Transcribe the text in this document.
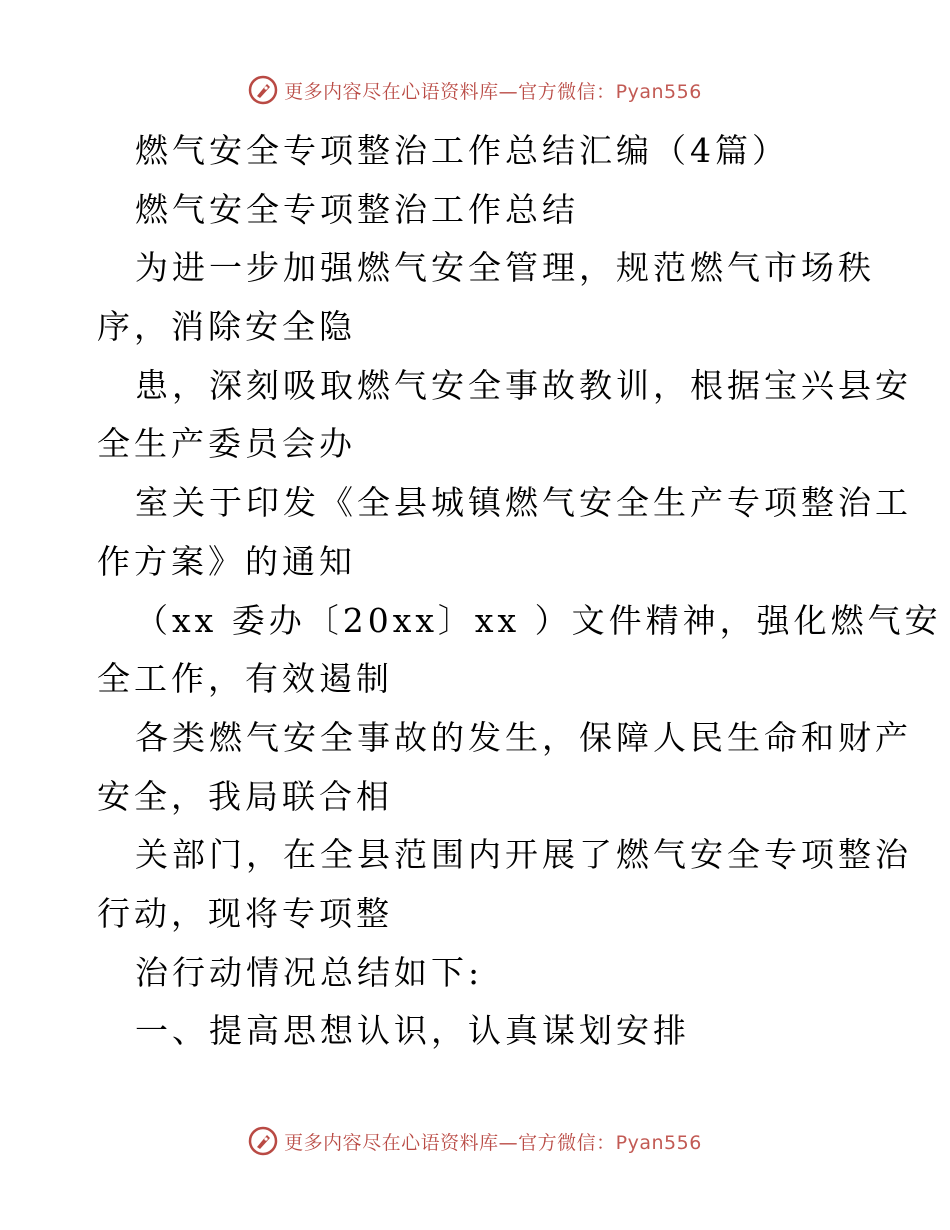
更多内容尽在心语资料库—官方微信：Pyan556
燃气安全专项整治工作总结汇编（4篇）
燃气安全专项整治工作总结
为进一步加强燃气安全管理，规范燃气市场秩
序，消除安全隐
患，深刻吸取燃气安全事故教训，根据宝兴县安
全生产委员会办
室关于印发《全县城镇燃气安全生产专项整治工
作方案》的通知
（xx 委办〔20xx〕xx ）文件精神，强化燃气安
全工作，有效遏制
各类燃气安全事故的发生，保障人民生命和财产
安全，我局联合相
关部门，在全县范围内开展了燃气安全专项整治
行动，现将专项整
治行动情况总结如下:
一、提高思想认识，认真谋划安排
更多内容尽在心语资料库—官方微信：Pyan556
